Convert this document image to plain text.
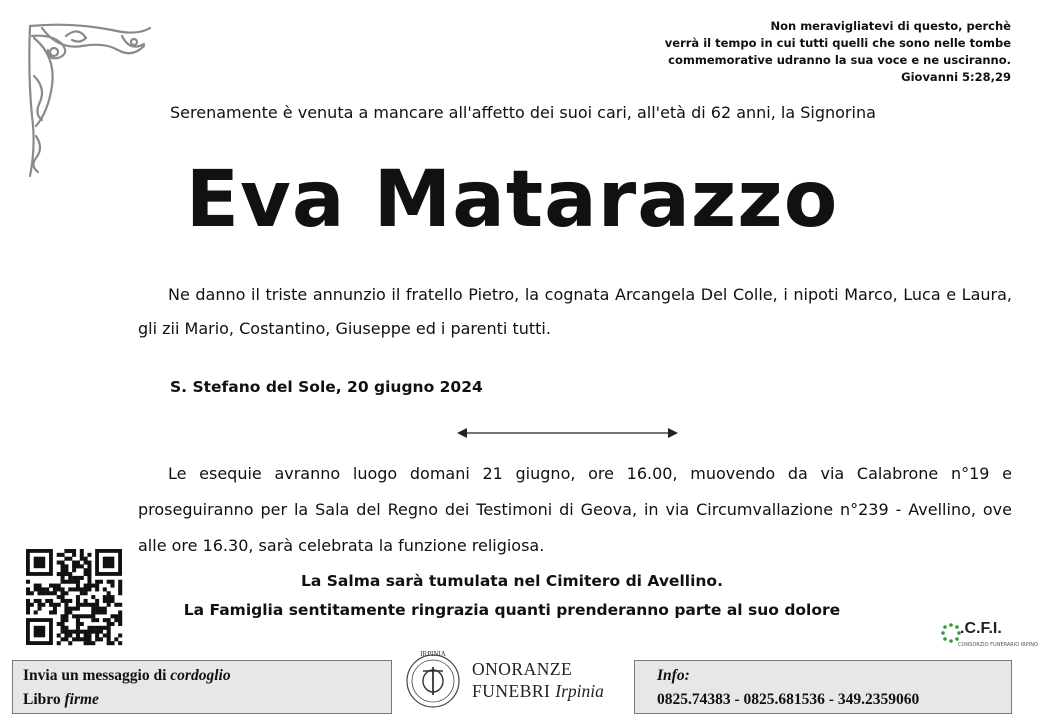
Non meravigliatevi di questo, perchè
verrà il tempo in cui tutti quelli che sono nelle tombe
commemorative udranno la sua voce e ne usciranno.
Giovanni 5:28,29
Serenamente è venuta a mancare all'affetto dei suoi cari, all'età di 62 anni, la Signorina
Eva Matarazzo
Ne danno il triste annunzio il fratello Pietro, la cognata Arcangela Del Colle, i nipoti Marco, Luca e Laura, gli zii Mario, Costantino, Giuseppe ed i parenti tutti.
S. Stefano del Sole, 20 giugno 2024
Le esequie avranno luogo domani 21 giugno, ore 16.00, muovendo da via Calabrone n°19 e proseguiranno per la Sala del Regno dei Testimoni di Geova, in via Circumvallazione n°239 - Avellino, ove alle ore 16.30, sarà celebrata la funzione religiosa.
La Salma sarà tumulata nel Cimitero di Avellino.
La Famiglia sentitamente ringrazia quanti prenderanno parte al suo dolore
.C.F.I.
CONSORZIO FUNERARIO IRPINO
Invia un messaggio di cordoglio
Libro firme
IRPINIA
ONORANZE
FUNEBRI Irpinia
Info:
0825.74383 - 0825.681536 - 349.2359060
